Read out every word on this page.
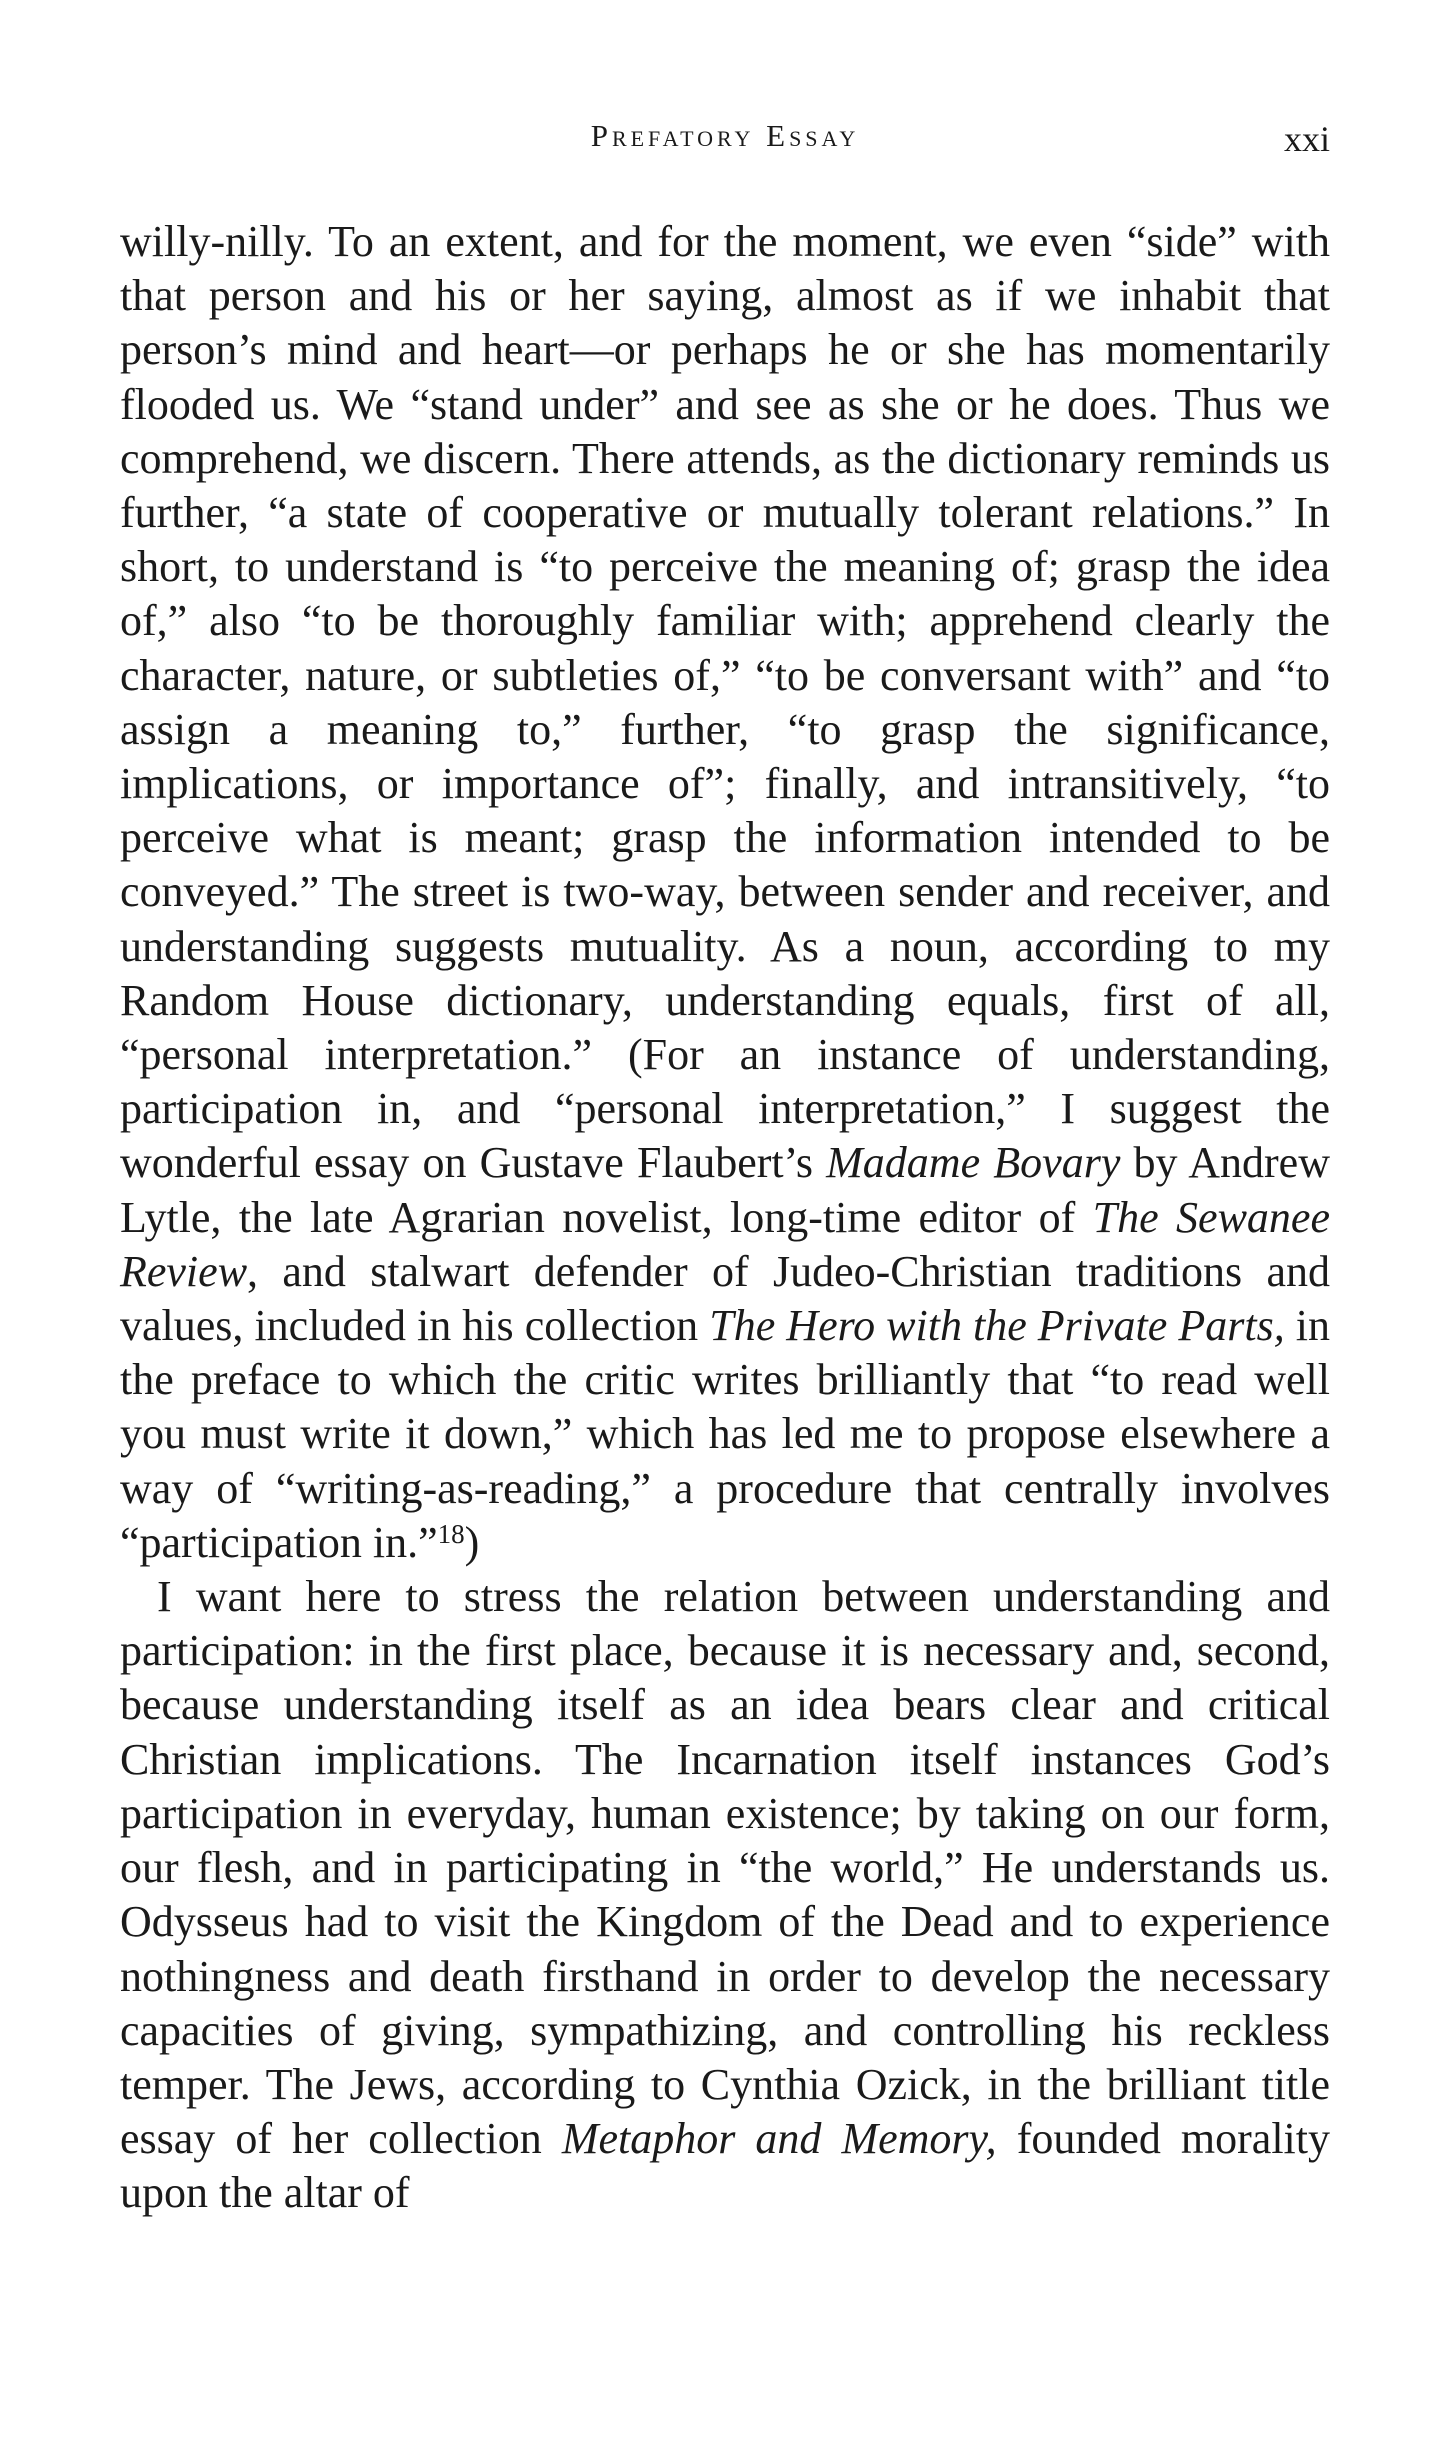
Prefatory Essay	xxi

willy-nilly. To an extent, and for the moment, we even “side” with that person and his or her saying, almost as if we inhabit that person’s mind and heart—or perhaps he or she has momentarily flooded us. We “stand under” and see as she or he does. Thus we comprehend, we discern. There attends, as the dictionary reminds us further, “a state of cooperative or mutually tolerant relations.” In short, to understand is “to perceive the meaning of; grasp the idea of,” also “to be thoroughly familiar with; apprehend clearly the character, nature, or subtleties of,” “to be conversant with” and “to assign a meaning to,” further, “to grasp the significance, implications, or importance of”; finally, and intransitively, “to perceive what is meant; grasp the information intended to be conveyed.” The street is two-way, between sender and receiver, and understanding suggests mutuality. As a noun, according to my Random House dictionary, understanding equals, first of all, “personal interpretation.” (For an instance of understanding, participation in, and “personal interpretation,” I suggest the wonderful essay on Gustave Flaubert’s Madame Bovary by Andrew Lytle, the late Agrarian novelist, long-time editor of The Sewanee Review, and stalwart defender of Judeo-Christian traditions and values, included in his collection The Hero with the Private Parts, in the preface to which the critic writes brilliantly that “to read well you must write it down,” which has led me to propose elsewhere a way of “writing-as-reading,” a procedure that centrally involves “participation in.”$^{18}$)

I want here to stress the relation between understanding and participation: in the first place, because it is necessary and, second, because understanding itself as an idea bears clear and critical Christian implications. The Incarnation itself instances God’s participation in everyday, human existence; by taking on our form, our flesh, and in participating in “the world,” He understands us. Odysseus had to visit the Kingdom of the Dead and to experience nothingness and death firsthand in order to develop the necessary capacities of giving, sympathizing, and controlling his reckless temper. The Jews, according to Cynthia Ozick, in the brilliant title essay of her collection Metaphor and Memory, founded morality upon the altar of
